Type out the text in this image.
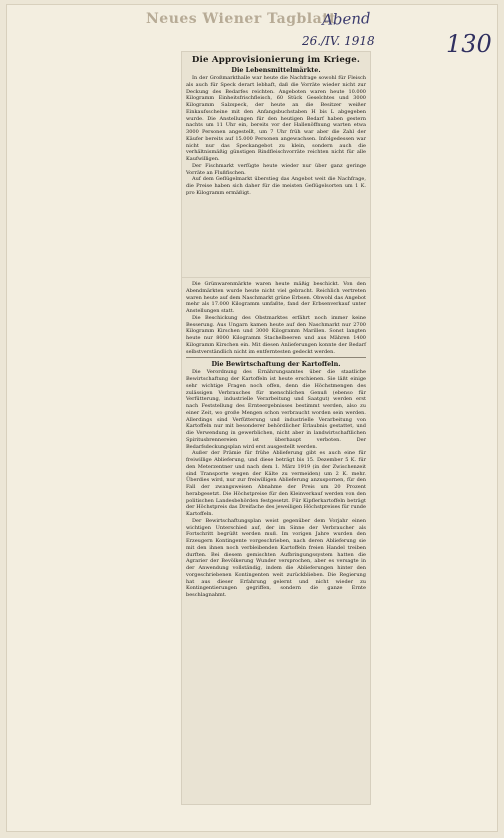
Neues Wiener Tagblatt
Abend
26./IV. 1918	130
Die Approvisionierung im Kriege.
Die Lebensmittelmärkte.

In der Großmarkthalle war heute die Nachfrage sowohl für Fleisch als auch für Speck derart lebhaft, daß die Vorräte wieder nicht zur Deckung des Bedarfes reichten. Angeboten waren heute 10.000 Kilogramm Einheitsfrischfleisch, 60 Stück Geselchtes und 3000 Kilogramm Salzspeck, der heute an die Besitzer weißer Einkaufsscheine mit den Anfangsbuchstaben H bis L abgegeben wurde. Die Anstellungen für den heutigen Bedarf haben gestern nachts um 11 Uhr ein, bereits vor der Hallenöffnung warten etwa 3000 Personen angestellt, um 7 Uhr früh war aber die Zahl der Käufer bereits auf 15.000 Personen angewachsen. Infolgedessen war nicht nur das Speckangebot zu klein, sondern auch die verhältnismäßig günstigen Rindfleischvorräte reichten nicht für alle Kaufwilligen.

Der Fischmarkt verfügte heute wieder nur über ganz geringe Vorräte an Flußfischen.

Auf dem Geflügelmarkt überstieg das Angebot weit die Nachfrage, die Preise haben sich daher für die meisten Geflügelsorten um 1 K. pro Kilogramm ermäßigt.

Die Grünwarenmärkte waren heute mäßig beschickt. Von den Abendmärkten wurde heute nicht viel gebracht. Reichlich vertreten waren heute auf dem Naschmarkt grüne Erbsen. Obwohl das Angebot mehr als 17.000 Kilogramm umfaßte, fand der Erbsenverkauf unter Anstellungen statt.

Die Beschickung des Obstmarktes erfährt noch immer keine Besserung. Aus Ungarn kamen heute auf den Naschmarkt nur 2700 Kilogramm Kirschen und 3000 Kilogramm Marillen. Sonst langten heute nur 8000 Kilogramm Stachelbeeren und aus Mähren 1400 Kilogramm Kirschen ein. Mit diesen Anlieferungen konnte der Bedarf selbstverständlich nicht im entferntesten gedeckt werden.

Die Bewirtschaftung der Kartoffeln.

Die Verordnung des Ernährungsamtes über die staatliche Bewirtschaftung der Kartoffeln ist heute erschienen. Sie läßt einige sehr wichtige Fragen noch offen, denn die Höchstmengen des zulässigen Verbrauches für menschlichen Genuß (ebenso für Verfütterung, industrielle Verarbeitung und Saatgut) werden erst nach Feststellung des Ernteergebnisses bestimmt werden, also zu einer Zeit, wo große Mengen schon verbraucht worden sein werden. Allerdings sind Verfütterung und industrielle Verarbeitung von Kartoffeln nur mit besonderer behördlicher Erlaubnis gestattet, und die Verwendung in gewerblichen, nicht aber in landwirtschaftlichen Spiritusbrennereien ist überhaupt verboten. Der Bedarfsdeckungsplan wird erst ausgestellt werden.

Außer der Prämie für frühe Ablieferung gibt es auch eine für freiwillige Ablieferung, und diese beträgt bis 15. Dezember 5 K. für den Meterzentner und nach dem 1. März 1919 (in der Zwischenzeit sind Transporte wegen der Kälte zu vermeiden) um 2 K. mehr. Überdies wird, nur zur freiwilligen Ablieferung anzuspornen, für den Fall der zwangsweisen Abnahme der Preis um 20 Prozent herabgesetzt. Die Höchstpreise für den Kleinverkauf werden von den politischen Landesbehörden festgesetzt. Für Kipflerkartoffeln beträgt der Höchstpreis das Dreifache des jeweiligen Höchstpreises für runde Kartoffeln.

Der Bewirtschaftungsplan weist gegenüber dem Vorjahr einen wichtigen Unterschied auf, der im Sinne der Verbraucher als Fortschritt begrüßt werden muß. Im vorigen Jahre wurden den Erzeugern Kontingente vorgeschrieben, nach deren Ablieferung sie mit den ihnen noch verbleibenden Kartoffeln freien Handel treiben durften. Bei diesem gemischten Aufbringungssystem hatten die Agrarier der Bevölkerung Wunder versprochen, aber es versagte in der Anwendung vollständig, indem die Ablieferungen hinter den vorgeschriebenen Kontingenten weit zurückblieben. Die Regierung hat aus dieser Erfahrung gelernt und nicht wieder zu Kontingentierungen gegriffen, sondern die ganze Ernte beschlagnahmt.
